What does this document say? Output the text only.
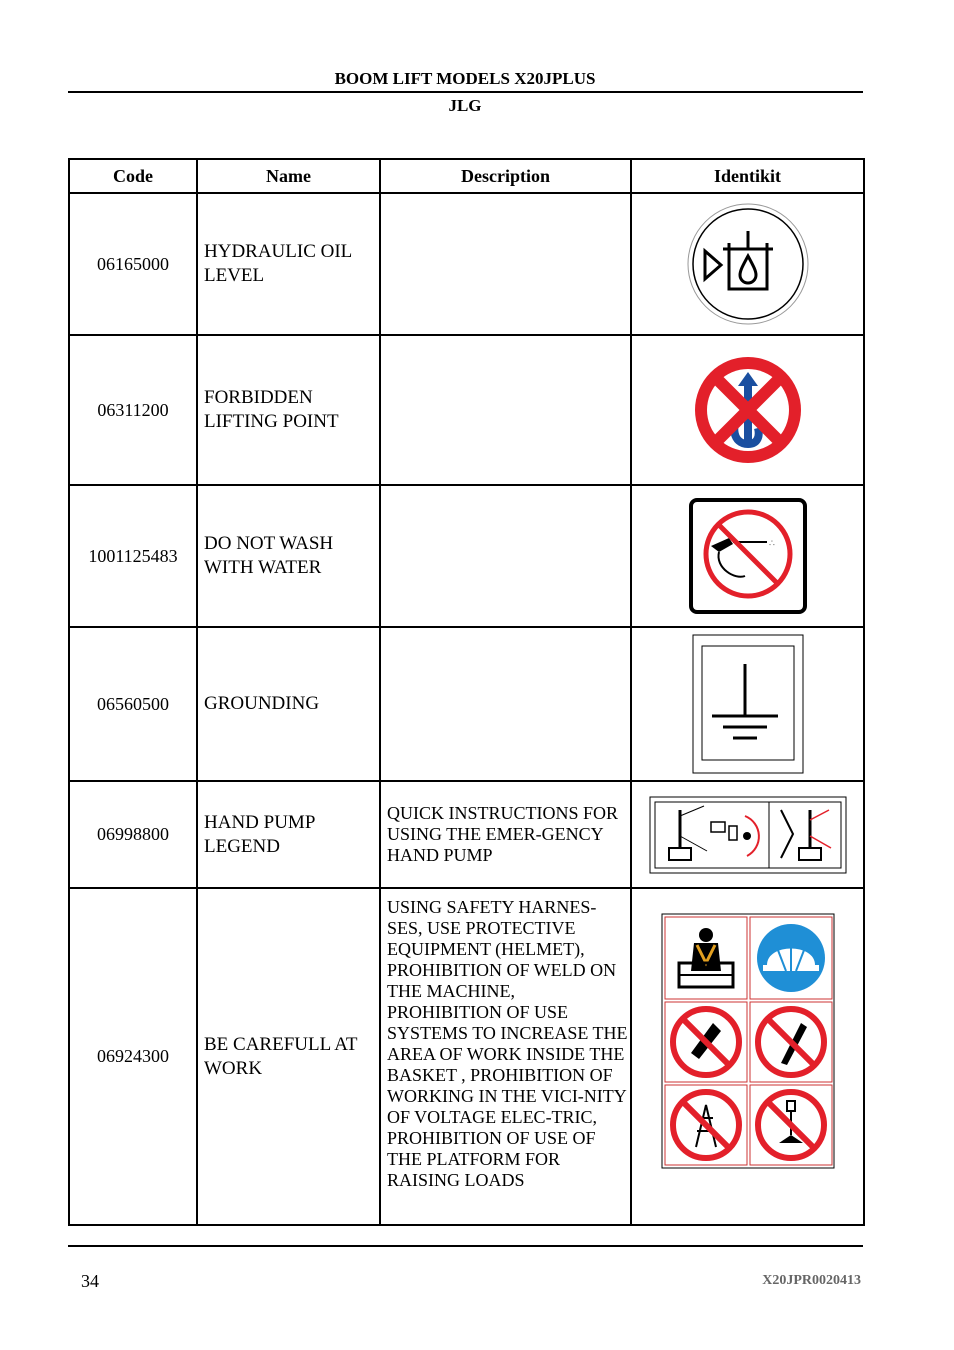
BOOM LIFT MODELS X20JPLUS
JLG
Code	Name	Description	Identikit
06165000	HYDRAULIC OIL LEVEL		

06311200	FORBIDDEN LIFTING POINT		

1001125483	DO NOT WASH WITH WATER		∴

06560500	GROUNDING		

06998800	HAND PUMP LEGEND	QUICK INSTRUCTIONS FOR USING THE EMER-GENCY HAND PUMP	

06924300	BE CAREFULL AT WORK	USING SAFETY HARNES-SES, USE PROTECTIVE EQUIPMENT (HELMET), PROHIBITION OF WELD ON THE MACHINE, PROHIBITION OF USE SYSTEMS TO INCREASE THE AREA OF WORK INSIDE THE BASKET , PROHIBITION OF WORKING IN THE VICI-NITY OF VOLTAGE ELEC-TRIC, PROHIBITION OF USE OF THE PLATFORM FOR RAISING LOADS	
34	X20JPR0020413
